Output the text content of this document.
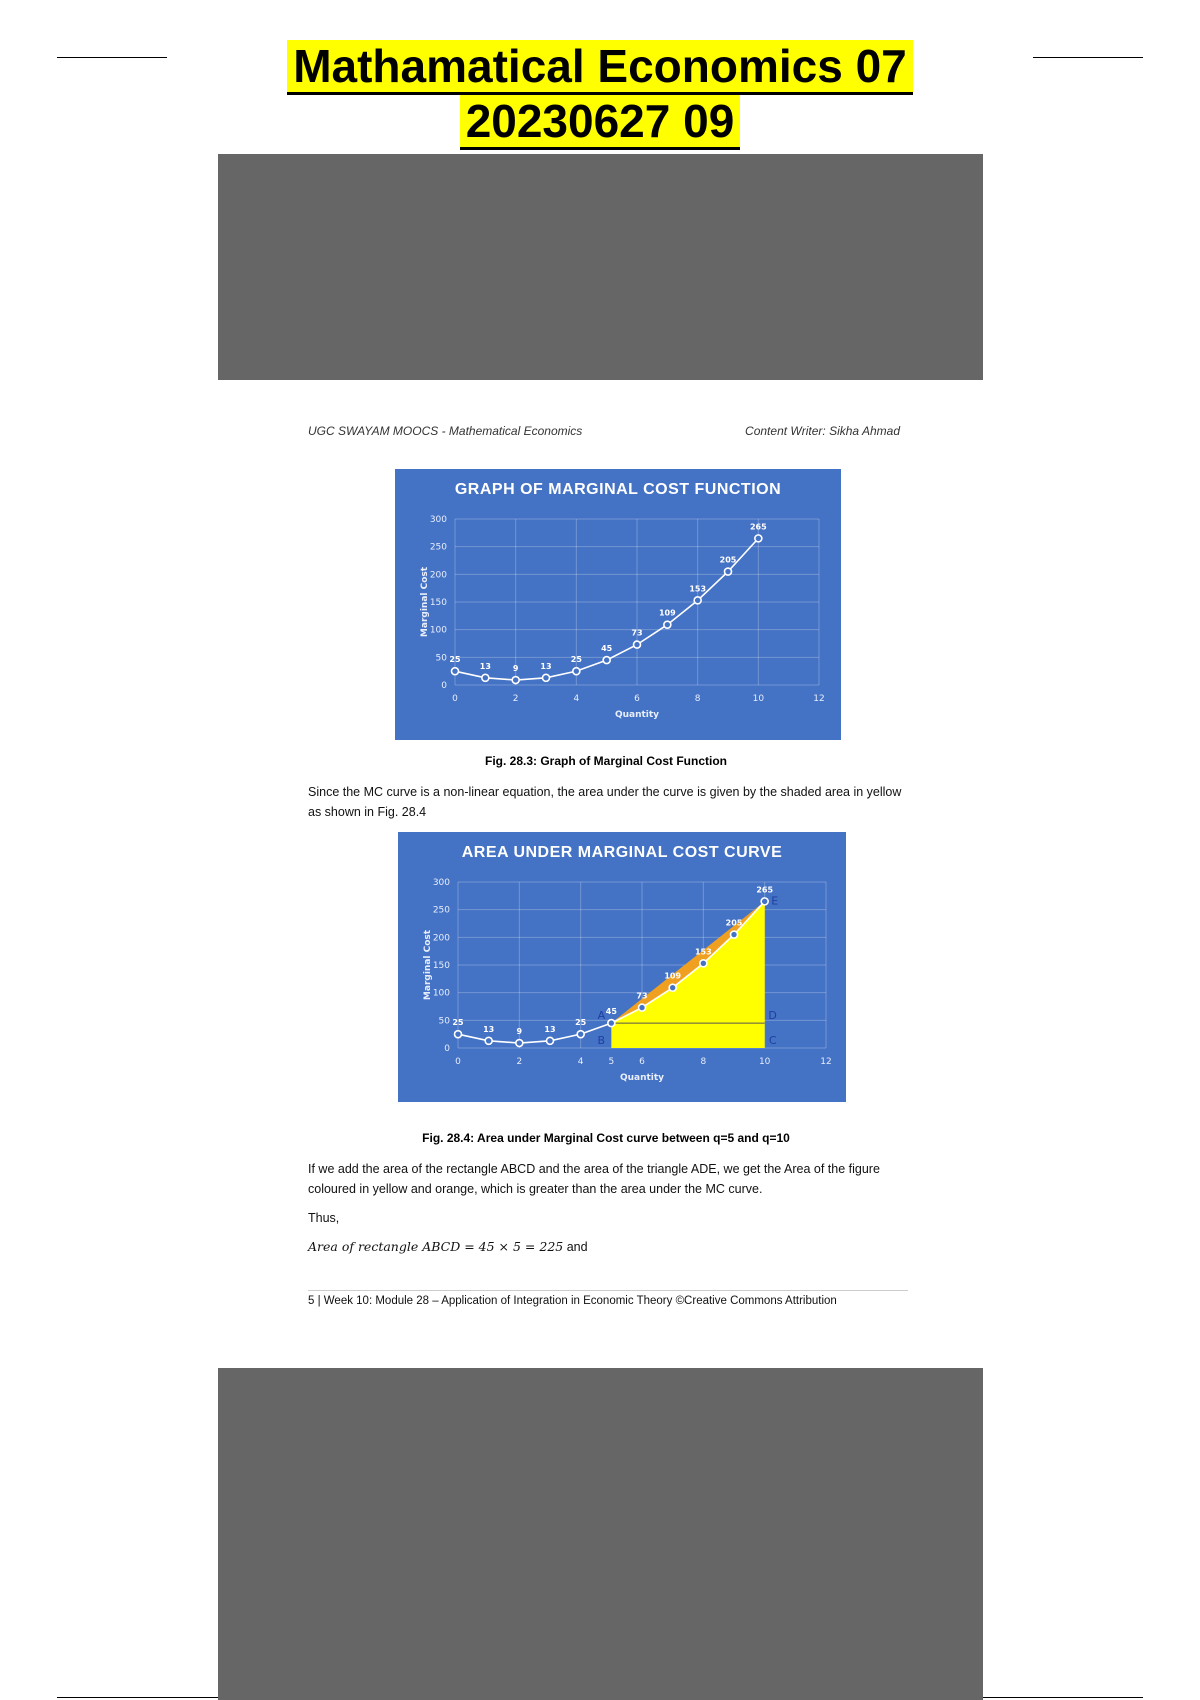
Mathamatical Economics 07
20230627 09
UGC SWAYAM MOOCS - Mathematical Economics	Content Writer: Sikha Ahmad
GRAPH OF MARGINAL COST FUNCTION
0	2	4	6	8	10	12
0
50
100
150
200
250
300
Quantity
Marginal Cost
25
13	9	13
25
45
73
109
153
205
265
Fig. 28.3: Graph of Marginal Cost Function
Since the MC curve is a non-linear equation, the area under the curve is given by the shaded area in yellow as shown in Fig. 28.4
AREA UNDER MARGINAL COST CURVE
0	2	4	5	6	8	10	12
0
50
100
150
200
250
300
Quantity
Marginal Cost
25
13	9	13
25
45
73
109
153
205
265
A
B	C
D
E
Fig. 28.4: Area under Marginal Cost curve between q=5 and q=10
If we add the area of the rectangle ABCD and the area of the triangle ADE, we get the Area of the figure coloured in yellow and orange, which is greater than the area under the MC curve.
Thus,
Area of rectangle ABCD = 45 × 5 = 225 and
5 | Week 10: Module 28 – Application of Integration in Economic Theory ©Creative Commons Attribution
